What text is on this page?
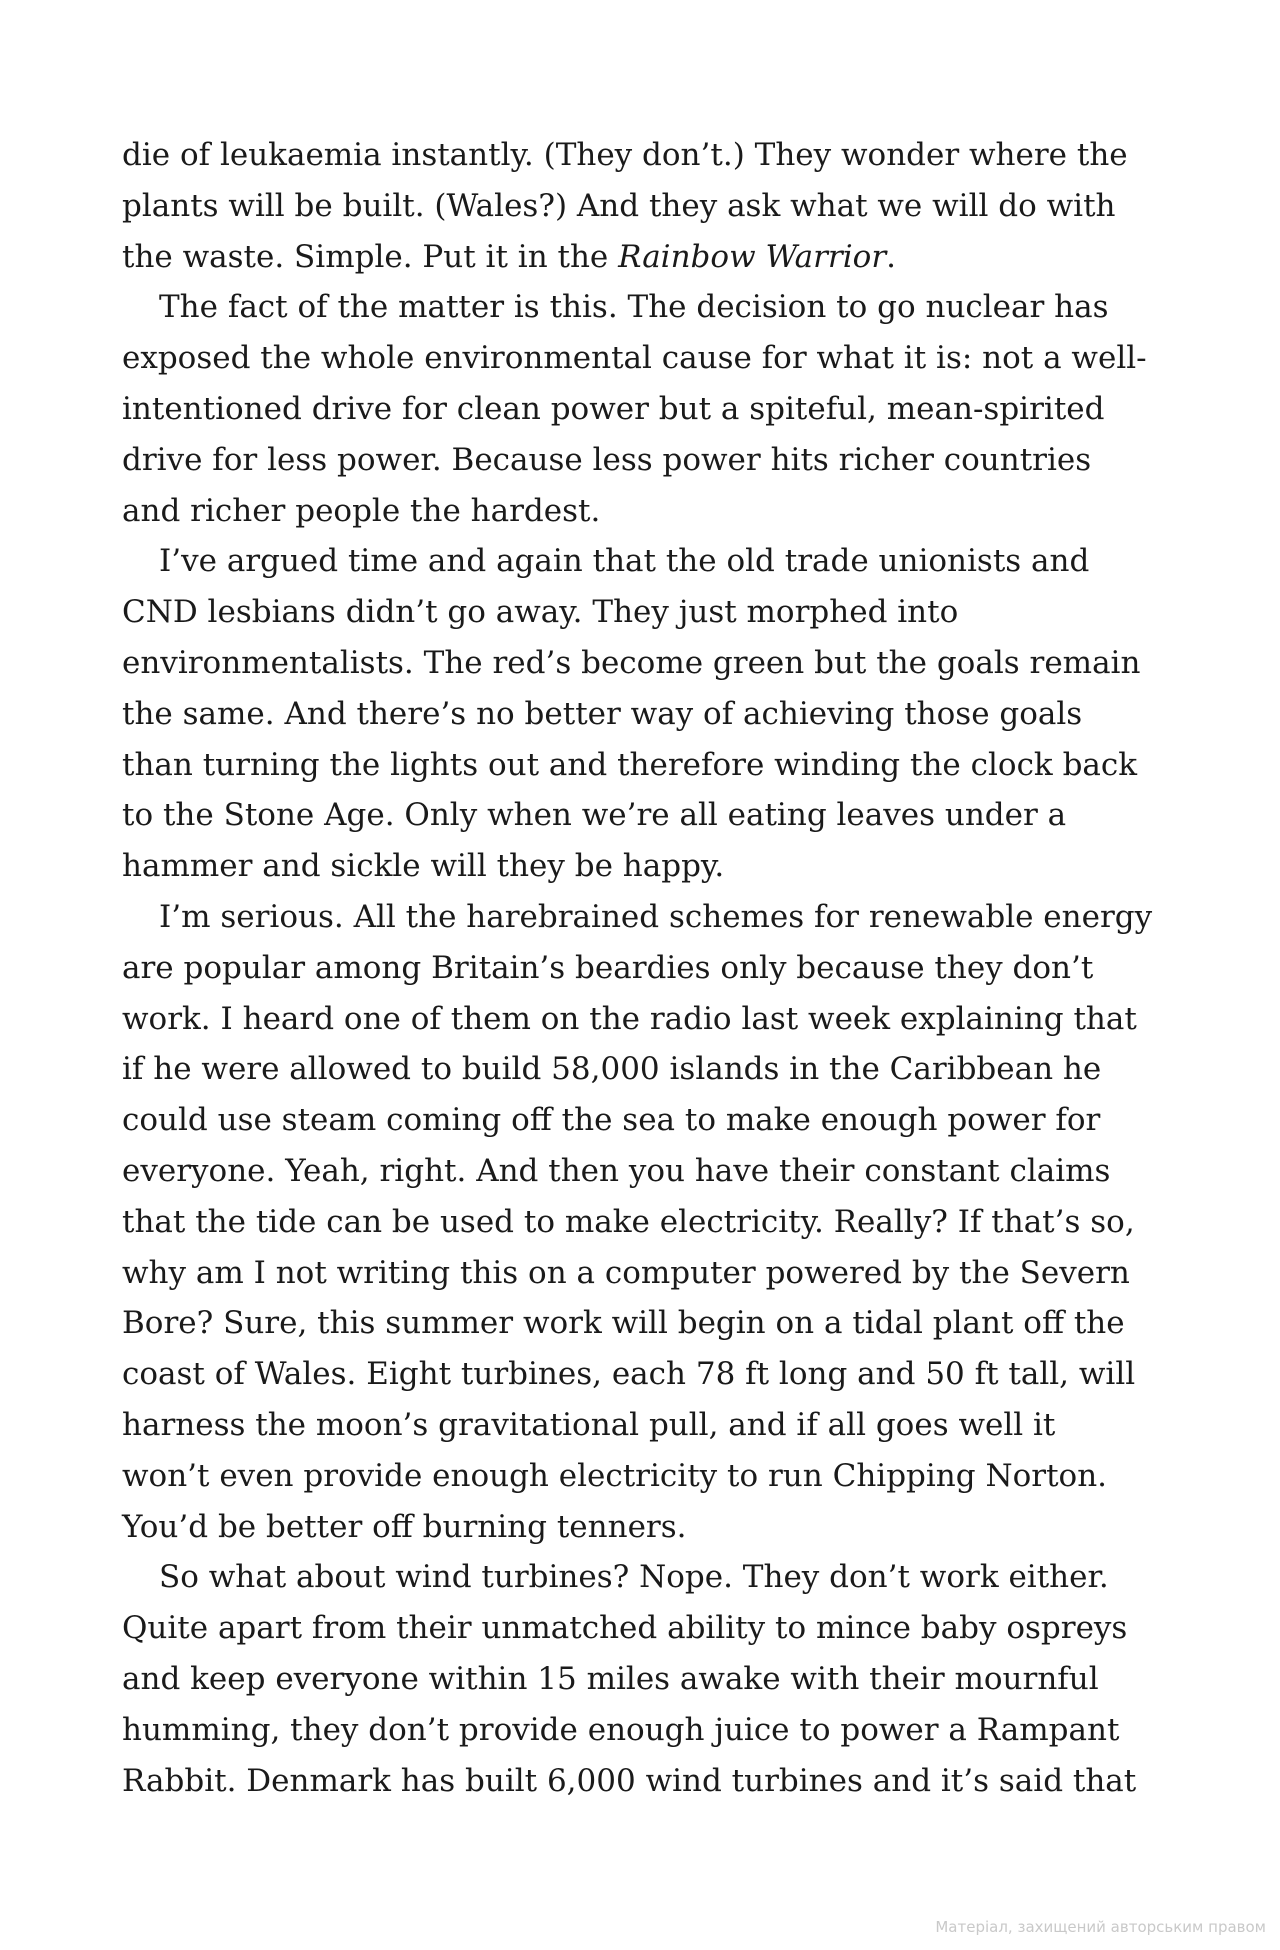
die of leukaemia instantly. (They don’t.) They wonder where the
plants will be built. (Wales?) And they ask what we will do with
the waste. Simple. Put it in the Rainbow Warrior.
The fact of the matter is this. The decision to go nuclear has
exposed the whole environmental cause for what it is: not a well-
intentioned drive for clean power but a spiteful, mean-spirited
drive for less power. Because less power hits richer countries
and richer people the hardest.
I’ve argued time and again that the old trade unionists and
CND lesbians didn’t go away. They just morphed into
environmentalists. The red’s become green but the goals remain
the same. And there’s no better way of achieving those goals
than turning the lights out and therefore winding the clock back
to the Stone Age. Only when we’re all eating leaves under a
hammer and sickle will they be happy.
I’m serious. All the harebrained schemes for renewable energy
are popular among Britain’s beardies only because they don’t
work. I heard one of them on the radio last week explaining that
if he were allowed to build 58,000 islands in the Caribbean he
could use steam coming off the sea to make enough power for
everyone. Yeah, right. And then you have their constant claims
that the tide can be used to make electricity. Really? If that’s so,
why am I not writing this on a computer powered by the Severn
Bore? Sure, this summer work will begin on a tidal plant off the
coast of Wales. Eight turbines, each 78 ft long and 50 ft tall, will
harness the moon’s gravitational pull, and if all goes well it
won’t even provide enough electricity to run Chipping Norton.
You’d be better off burning tenners.
So what about wind turbines? Nope. They don’t work either.
Quite apart from their unmatched ability to mince baby ospreys
and keep everyone within 15 miles awake with their mournful
humming, they don’t provide enough juice to power a Rampant
Rabbit. Denmark has built 6,000 wind turbines and it’s said that
Матеріал, захищений авторським правом
